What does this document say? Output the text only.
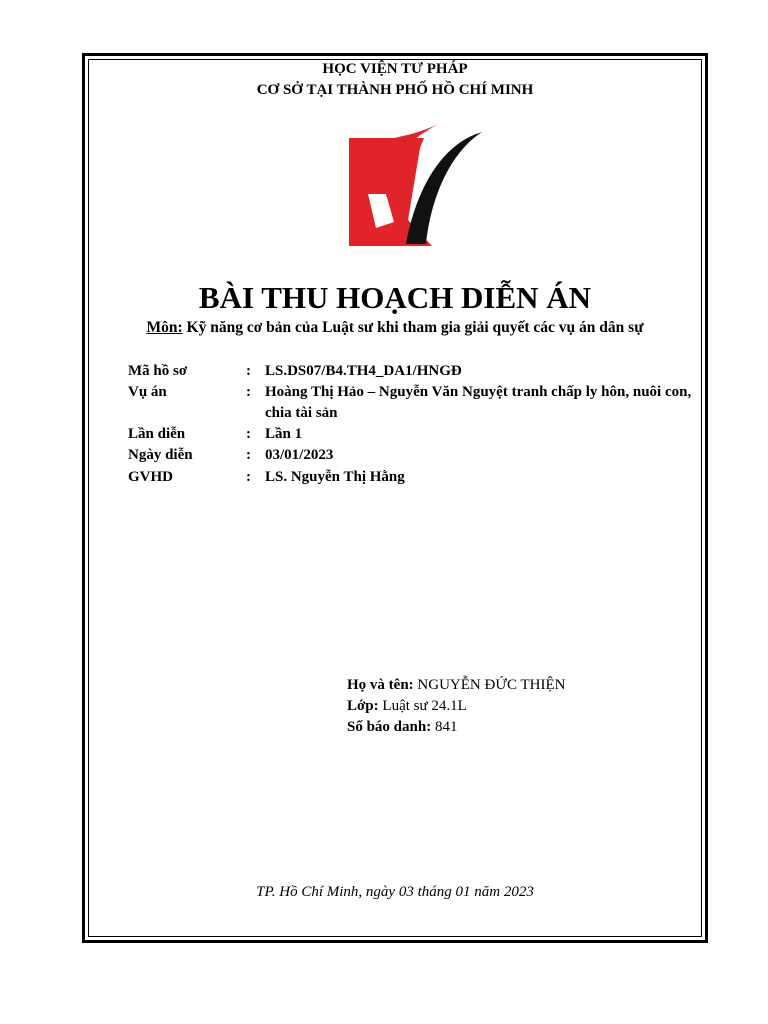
HỌC VIỆN TƯ PHÁP
CƠ SỞ TẠI THÀNH PHỐ HỒ CHÍ MINH
BÀI THU HOẠCH DIỄN ÁN
Môn: Kỹ năng cơ bản của Luật sư khi tham gia giải quyết các vụ án dân sự
Mã hồ sơ	: LS.DS07/B4.TH4_DA1/HNGĐ
Vụ án	: Hoàng Thị Hảo – Nguyễn Văn Nguyệt tranh chấp ly hôn, nuôi con, chia tài sản
Lần diễn	: Lần 1
Ngày diễn	: 03/01/2023
GVHD	: LS. Nguyễn Thị Hằng
Họ và tên: NGUYỄN ĐỨC THIỆN
Lớp: Luật sư 24.1L
Số báo danh: 841
TP. Hồ Chí Minh, ngày 03 tháng 01 năm 2023
